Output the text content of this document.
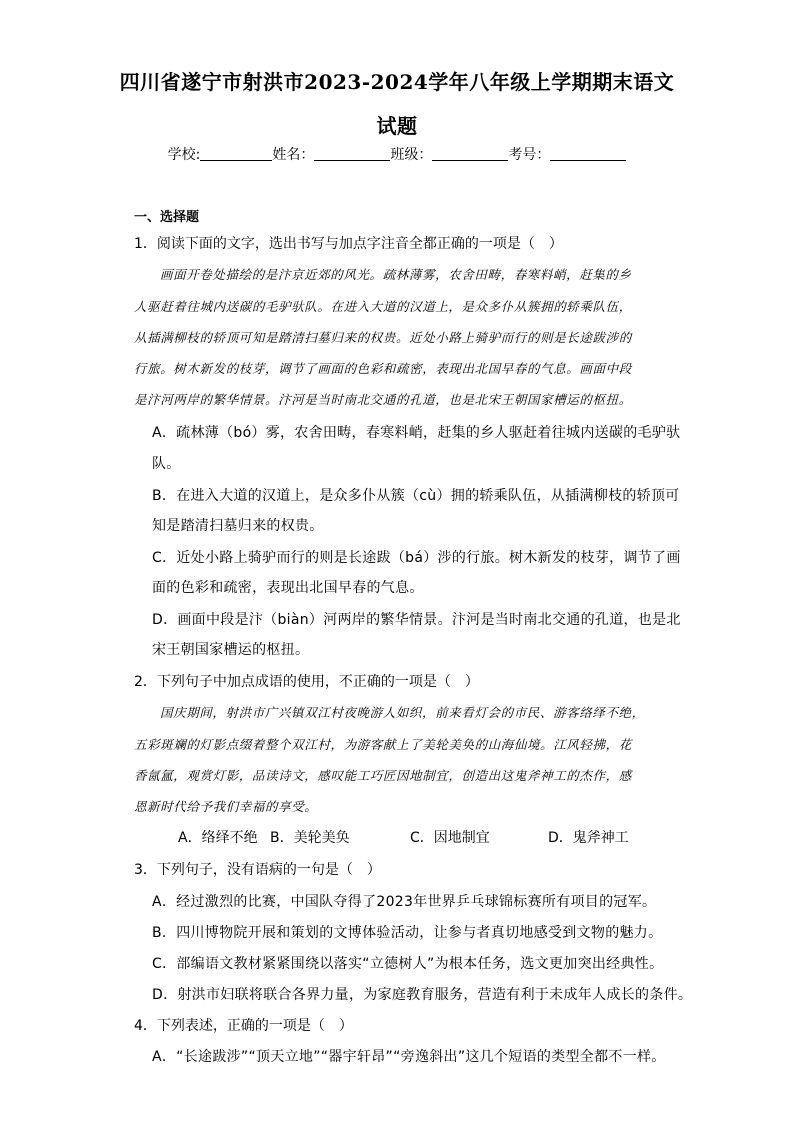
四川省遂宁市射洪市2023-2024学年八年级上学期期末语文
试题
学校:	姓名：	班级：	考号：
一、选择题
1．阅读下面的文字，选出书写与加点字注音全都正确的一项是（　）
画面开卷处描绘的是汴京近郊的风光。疏林薄雾，农舍田畴，春寒料峭，赶集的乡
人驱赶着往城内送碳的毛驴驮队。在进入大道的汉道上，是众多仆从簇拥的轿乘队伍，
从插满柳枝的轿顶可知是踏清扫墓归来的权贵。近处小路上骑驴而行的则是长途跋涉的
行旅。树木新发的枝芽，调节了画面的色彩和疏密，表现出北国早春的气息。画面中段
是汴河两岸的繁华情景。汴河是当时南北交通的孔道，也是北宋王朝国家槽运的枢扭。
A．疏林薄（bó）雾，农舍田畴，春寒料峭，赶集的乡人驱赶着往城内送碳的毛驴驮
队。
B．在进入大道的汉道上，是众多仆从簇（cù）拥的轿乘队伍，从插满柳枝的轿顶可
知是踏清扫墓归来的权贵。
C．近处小路上骑驴而行的则是长途跋（bá）涉的行旅。树木新发的枝芽，调节了画
面的色彩和疏密，表现出北国早春的气息。
D．画面中段是汴（biàn）河两岸的繁华情景。汴河是当时南北交通的孔道，也是北
宋王朝国家槽运的枢扭。
2．下列句子中加点成语的使用，不正确的一项是（　）
国庆期间，射洪市广兴镇双江村夜晚游人如织，前来看灯会的市民、游客络绎不绝，
五彩斑斓的灯影点缀着整个双江村，为游客献上了美轮美奂的山海仙境。江风轻拂，花
香氤氲，观赏灯影，品读诗文，感叹能工巧匠因地制宜，创造出这鬼斧神工的杰作，感
恩新时代给予我们幸福的享受。
A．络绎不绝 B．美轮美奂	C．因地制宜	D．鬼斧神工
3．下列句子，没有语病的一句是（　）
A．经过激烈的比赛，中国队夺得了2023年世界乒乓球锦标赛所有项目的冠军。
B．四川博物院开展和策划的文博体验活动，让参与者真切地感受到文物的魅力。
C．部编语文教材紧紧围绕以落实“立德树人”为根本任务，选文更加突出经典性。
D．射洪市妇联将联合各界力量，为家庭教育服务，营造有利于未成年人成长的条件。
4．下列表述，正确的一项是（　）
A．“长途跋涉”“顶天立地”“器宇轩昂”“旁逸斜出”这几个短语的类型全都不一样。
